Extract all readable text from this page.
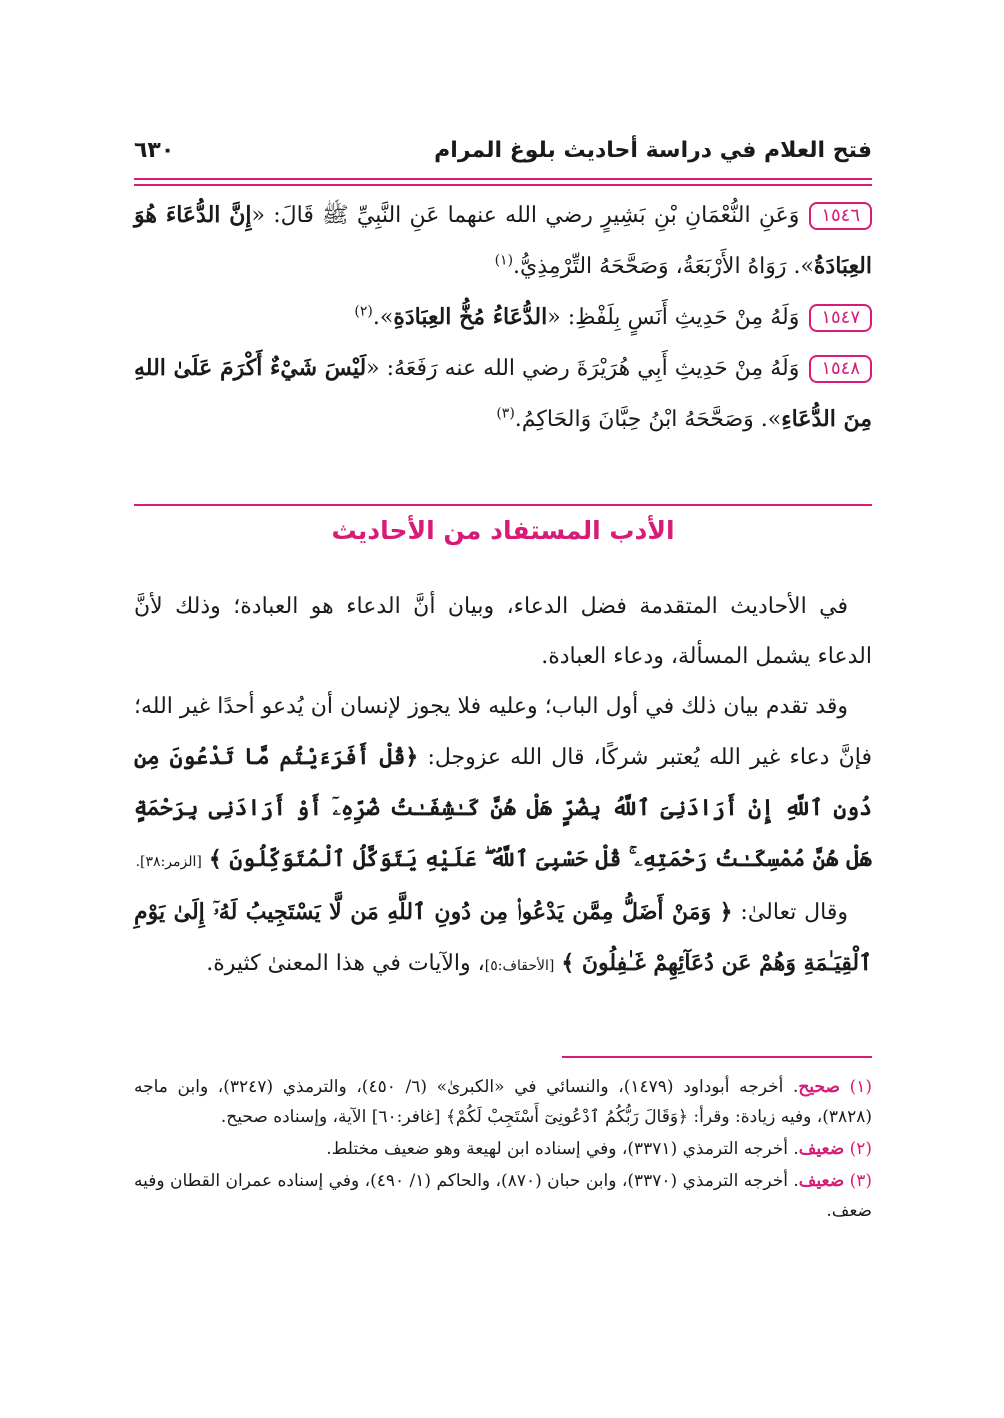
فتح العلام في دراسة أحاديث بلوغ المرام
٦٣٠

١٥٤٦وَعَنِ النُّعْمَانِ بْنِ بَشِيرٍ رضي الله عنهما عَنِ النَّبِيِّ ﷺ قَالَ: «إِنَّ الدُّعَاءَ هُوَ العِبَادَةُ». رَوَاهُ الأَرْبَعَةُ، وَصَحَّحَهُ التِّرْمِذِيُّ.$^{(١)}$

١٥٤٧وَلَهُ مِنْ حَدِيثِ أَنَسٍ بِلَفْظِ: «الدُّعَاءُ مُخُّ العِبَادَةِ».$^{(٢)}$

١٥٤٨وَلَهُ مِنْ حَدِيثِ أَبِي هُرَيْرَةَ رضي الله عنه رَفَعَهُ: «لَيْسَ شَيْءٌ أَكْرَمَ عَلَىٰ اللهِ مِنَ الدُّعَاءِ». وَصَحَّحَهُ ابْنُ حِبَّانَ وَالحَاكِمُ.$^{(٣)}$

الأدب المستفاد من الأحاديث

في الأحاديث المتقدمة فضل الدعاء، وبيان أنَّ الدعاء هو العبادة؛ وذلك لأنَّ الدعاء يشمل المسألة، ودعاء العبادة.

وقد تقدم بيان ذلك في أول الباب؛ وعليه فلا يجوز لإنسان أن يُدعو أحدًا غير الله؛ فإنَّ دعاء غير الله يُعتبر شركًا، قال الله عزوجل: ﴿قُلْ أَفَرَءَيْتُم مَّا تَدْعُونَ مِن دُونِ ٱللَّهِ إِنْ أَرَادَنِىَ ٱللَّهُ بِضُرٍّ هَلْ هُنَّ كَـٰشِفَـٰتُ ضُرِّهِۦٓ أَوْ أَرَادَنِى بِرَحْمَةٍ هَلْ هُنَّ مُمْسِكَـٰتُ رَحْمَتِهِۦ ۚ قُلْ حَسْبِىَ ٱللَّهُ ۖ عَلَيْهِ يَتَوَكَّلُ ٱلْمُتَوَكِّلُونَ ﴾ [الزمر:٣٨].

وقال تعالىٰ: ﴿ وَمَنْ أَضَلُّ مِمَّن يَدْعُوا۟ مِن دُونِ ٱللَّهِ مَن لَّا يَسْتَجِيبُ لَهُۥٓ إِلَىٰ يَوْمِ ٱلْقِيَـٰمَةِ وَهُمْ عَن دُعَآئِهِمْ غَـٰفِلُونَ ﴾ [الأحقاف:٥]، والآيات في هذا المعنىٰ كثيرة.

(١) صحيح. أخرجه أبوداود (١٤٧٩)، والنسائي في «الكبرىٰ» (٦/ ٤٥٠)، والترمذي (٣٢٤٧)، وابن ماجه (٣٨٢٨)، وفيه زيادة: وقرأ: ﴿وَقَالَ رَبُّكُمُ ٱدْعُونِىٓ أَسْتَجِبْ لَكُمْ﴾ [غافر:٦٠] الآية، وإسناده صحيح.

(٢) ضعيف. أخرجه الترمذي (٣٣٧١)، وفي إسناده ابن لهيعة وهو ضعيف مختلط.

(٣) ضعيف. أخرجه الترمذي (٣٣٧٠)، وابن حبان (٨٧٠)، والحاكم (١/ ٤٩٠)، وفي إسناده عمران القطان وفيه ضعف.
